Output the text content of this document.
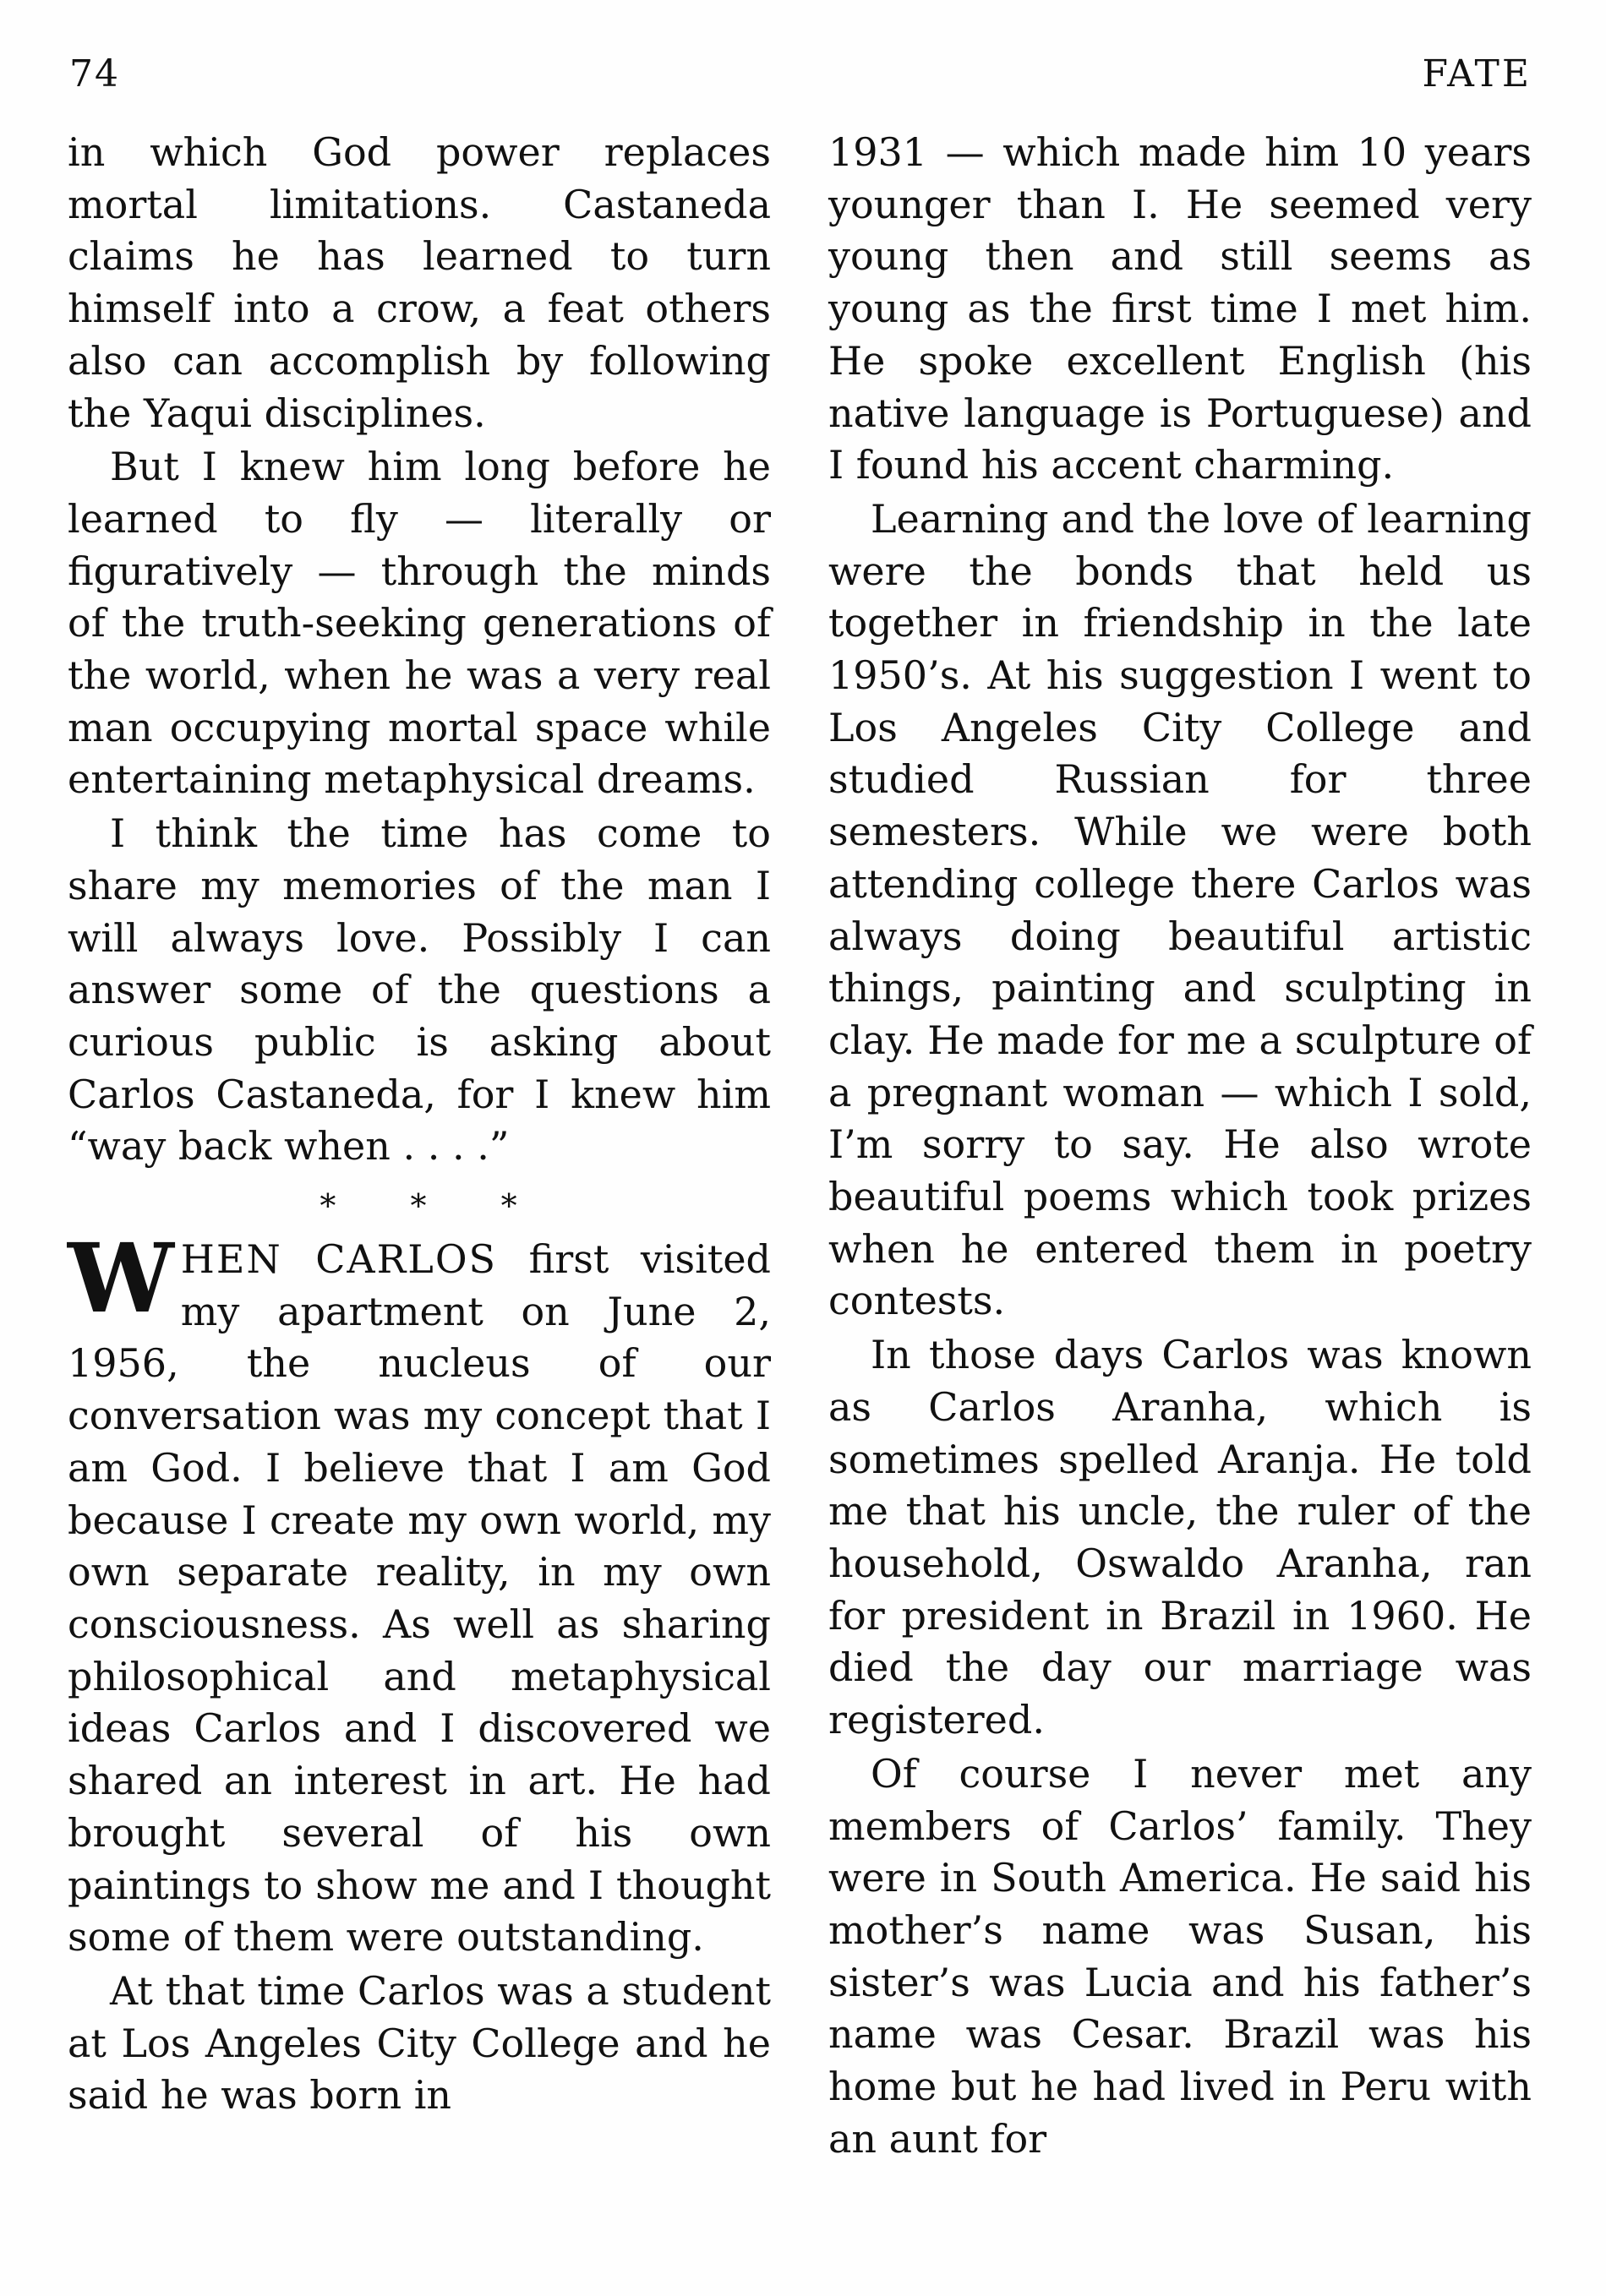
74	FATE

in which God power replaces mortal limitations. Castaneda claims he has learned to turn himself into a crow, a feat others also can accomplish by following the Yaqui disciplines.

But I knew him long before he learned to fly — literally or figuratively — through the minds of the truth-seeking generations of the world, when he was a very real man occupying mortal space while entertaining metaphysical dreams.

I think the time has come to share my memories of the man I will always love. Possibly I can answer some of the questions a curious public is asking about Carlos Castaneda, for I knew him “way back when . . . .”

* * *

WHEN CARLOS first visited my apartment on June 2, 1956, the nucleus of our conversation was my concept that I am God. I believe that I am God because I create my own world, my own separate reality, in my own consciousness. As well as sharing philosophical and metaphysical ideas Carlos and I discovered we shared an interest in art. He had brought several of his own paintings to show me and I thought some of them were outstanding.

At that time Carlos was a student at Los Angeles City College and he said he was born in

1931 — which made him 10 years younger than I. He seemed very young then and still seems as young as the first time I met him. He spoke excellent English (his native language is Portuguese) and I found his accent charming.

Learning and the love of learning were the bonds that held us together in friendship in the late 1950’s. At his suggestion I went to Los Angeles City College and studied Russian for three semesters. While we were both attending college there Carlos was always doing beautiful artistic things, painting and sculpting in clay. He made for me a sculpture of a pregnant woman — which I sold, I’m sorry to say. He also wrote beautiful poems which took prizes when he entered them in poetry contests.

In those days Carlos was known as Carlos Aranha, which is sometimes spelled Aranja. He told me that his uncle, the ruler of the household, Oswaldo Aranha, ran for president in Brazil in 1960. He died the day our marriage was registered.

Of course I never met any members of Carlos’ family. They were in South America. He said his mother’s name was Susan, his sister’s was Lucia and his father’s name was Cesar. Brazil was his home but he had lived in Peru with an aunt for
